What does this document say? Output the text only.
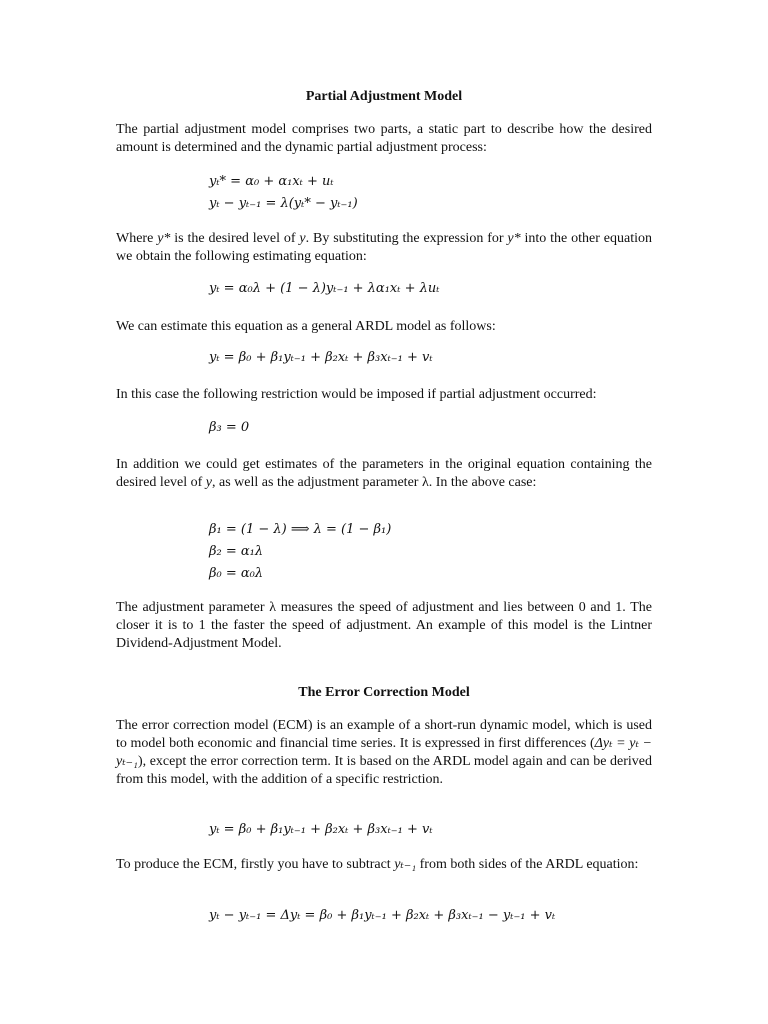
Partial Adjustment Model
The partial adjustment model comprises two parts, a static part to describe how the desired amount is determined and the dynamic partial adjustment process:
yₜ* = α₀ + α₁xₜ + uₜ
yₜ − yₜ₋₁ = λ(yₜ* − yₜ₋₁)
Where y* is the desired level of y. By substituting the expression for y* into the other equation we obtain the following estimating equation:
yₜ = α₀λ + (1 − λ)yₜ₋₁ + λα₁xₜ + λuₜ
We can estimate this equation as a general ARDL model as follows:
yₜ = β₀ + β₁yₜ₋₁ + β₂xₜ + β₃xₜ₋₁ + vₜ
In this case the following restriction would be imposed if partial adjustment occurred:
β₃ = 0
In addition we could get estimates of the parameters in the original equation containing the desired level of y, as well as the adjustment parameter λ. In the above case:
β₁ = (1 − λ) ⟹ λ = (1 − β₁)
β₂ = α₁λ
β₀ = α₀λ
The adjustment parameter λ measures the speed of adjustment and lies between 0 and 1. The closer it is to 1 the faster the speed of adjustment. An example of this model is the Lintner Dividend-Adjustment Model.
The Error Correction Model
The error correction model (ECM) is an example of a short-run dynamic model, which is used to model both economic and financial time series. It is expressed in first differences (Δyₜ = yₜ − yₜ₋₁), except the error correction term. It is based on the ARDL model again and can be derived from this model, with the addition of a specific restriction.
yₜ = β₀ + β₁yₜ₋₁ + β₂xₜ + β₃xₜ₋₁ + vₜ
To produce the ECM, firstly you have to subtract yₜ₋₁ from both sides of the ARDL equation:
yₜ − yₜ₋₁ = Δyₜ = β₀ + β₁yₜ₋₁ + β₂xₜ + β₃xₜ₋₁ − yₜ₋₁ + vₜ
